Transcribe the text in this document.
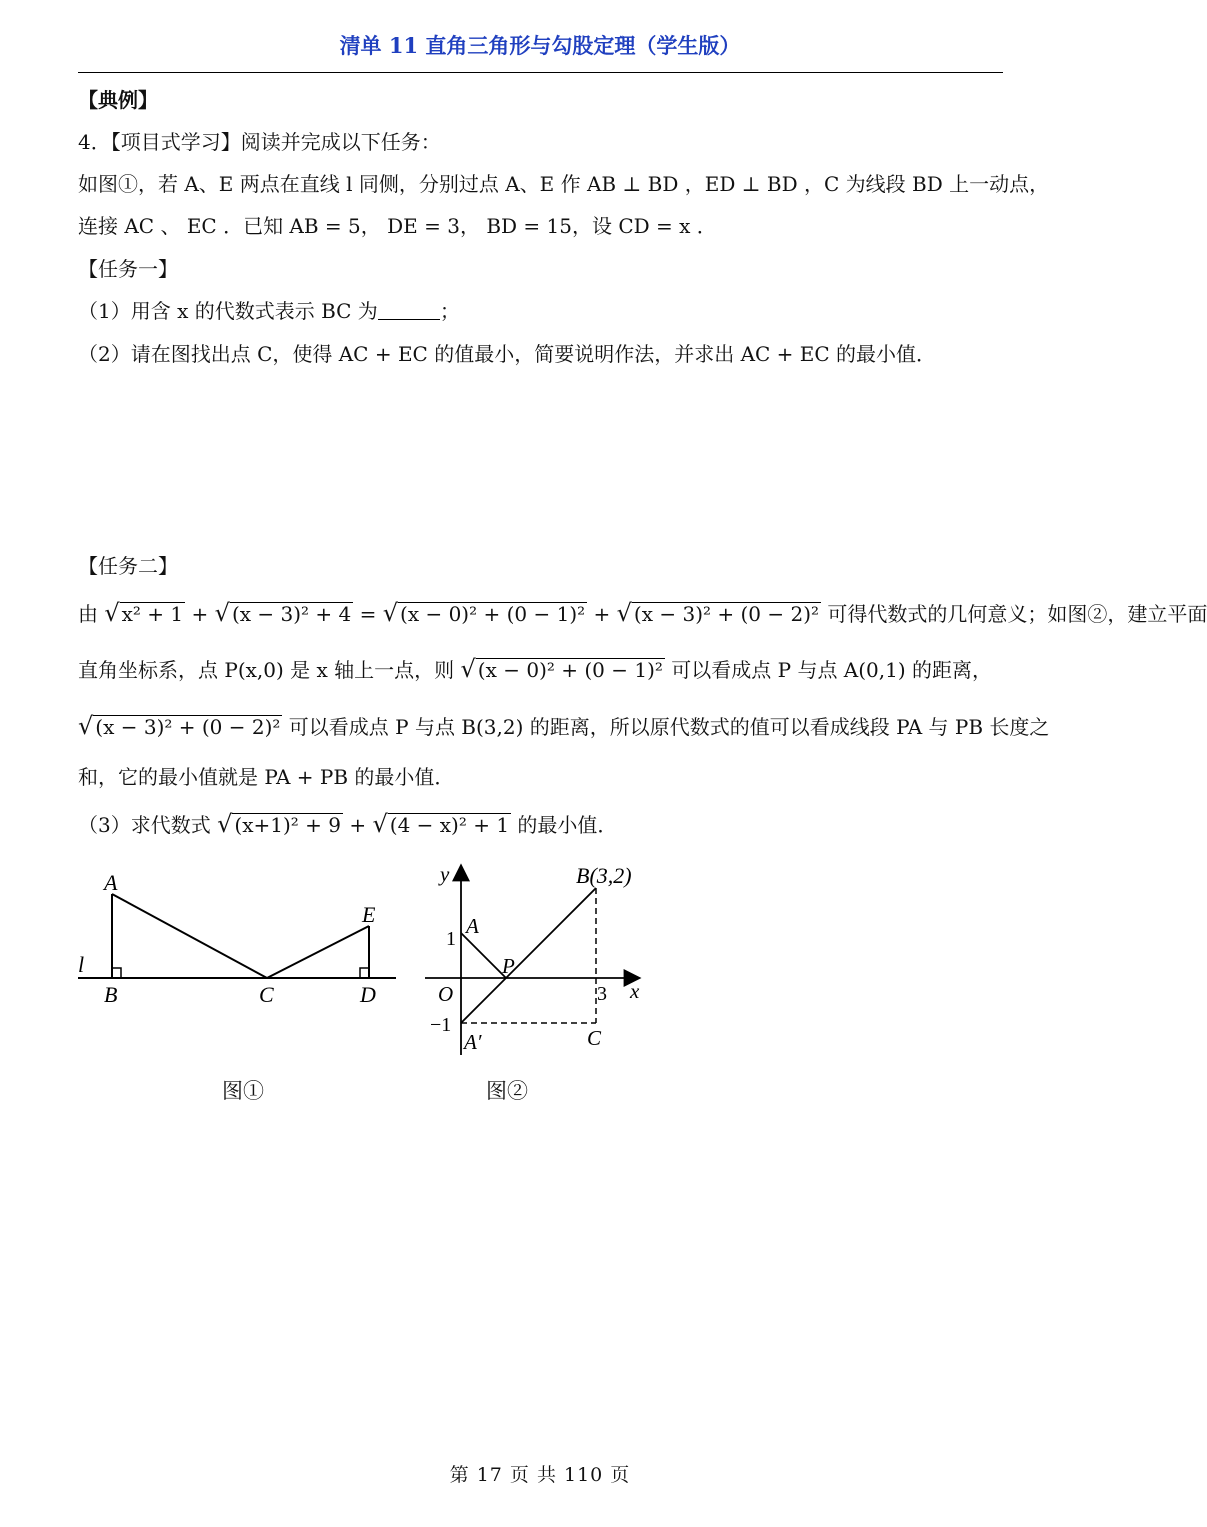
清单 11 直角三角形与勾股定理（学生版）
【典例】
4．【项目式学习】阅读并完成以下任务：
如图①，若 A、E 两点在直线 l 同侧，分别过点 A、E 作 AB ⊥ BD ，ED ⊥ BD ，C 为线段 BD 上一动点，
连接 AC 、 EC ．已知 AB = 5， DE = 3， BD = 15，设 CD = x ．
【任务一】
（1）用含 x 的代数式表示 BC 为	；
（2）请在图找出点 C，使得 AC + EC 的值最小，简要说明作法，并求出 AC + EC 的最小值．
【任务二】
由 √ x² + 1 + √ (x − 3)² + 4 = √ (x − 0)² + (0 − 1)² + √ (x − 3)² + (0 − 2)² 可得代数式的几何意义；如图②，建立平面
直角坐标系，点 P(x,0) 是 x 轴上一点，则 √ (x − 0)² + (0 − 1)² 可以看成点 P 与点 A(0,1) 的距离，
√ (x − 3)² + (0 − 2)² 可以看成点 P 与点 B(3,2) 的距离，所以原代数式的值可以看成线段 PA 与 PB 长度之
和，它的最小值就是 PA + PB 的最小值．
（3）求代数式 √ (x+1)² + 9 + √ (4 − x)² + 1 的最小值．
A
E
l
B	C	D
图①
y
x
B(3,2)
A
1
P
O	3
−1
A′	C
图②
第 17 页 共 110 页
